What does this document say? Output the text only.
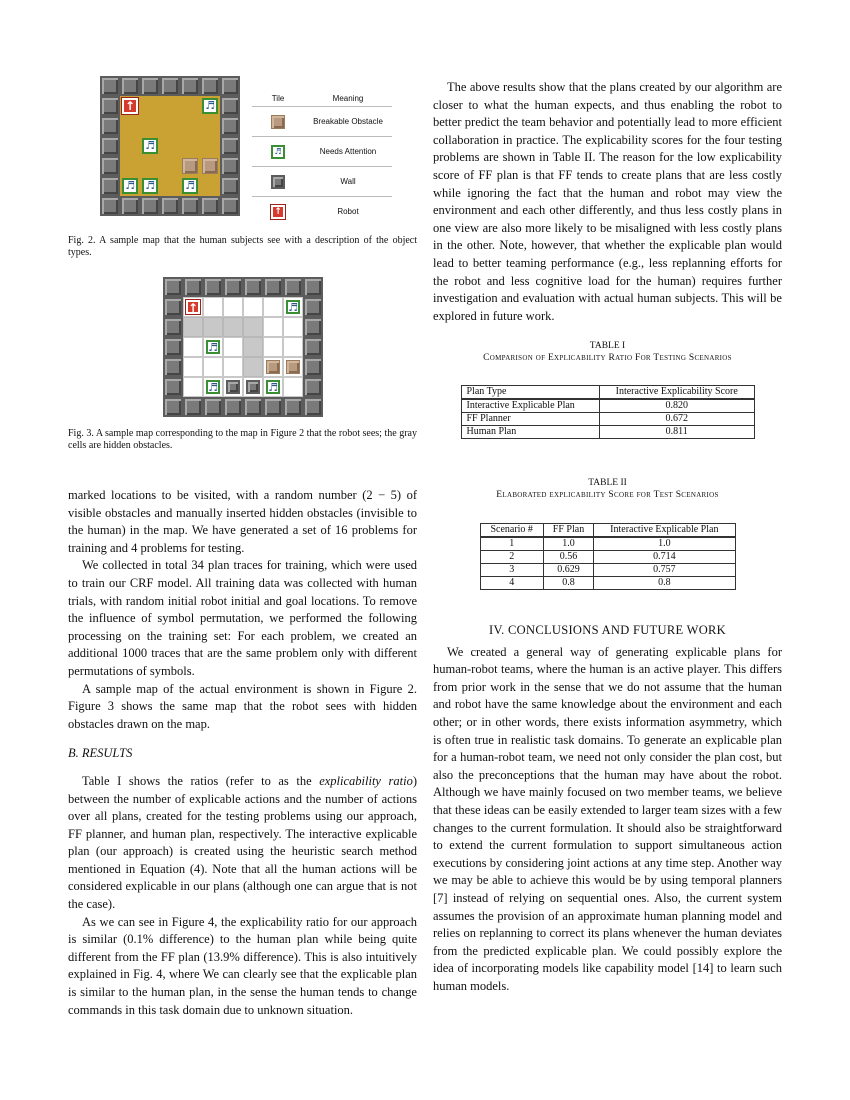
↑	♬
♬
♬	♬
♬
Tile	Meaning
	Breakable Obstacle
♬	Needs Attention
	Wall
↑	Robot

Fig. 2. A sample map that the human subjects see with a description of the object types.

↑	♬
♬
♬	♬

Fig. 3. A sample map corresponding to the map in Figure 2 that the robot sees; the gray cells are hidden obstacles.

marked locations to be visited, with a random number (2 − 5) of visible obstacles and manually inserted hidden obstacles (invisible to the human) in the map. We have generated a set of 16 problems for training and 4 problems for testing.

We collected in total 34 plan traces for training, which were used to train our CRF model. All training data was collected with human trials, with random initial robot initial and goal locations. To remove the influence of symbol permutation, we performed the following processing on the training set: For each problem, we created an additional 1000 traces that are the same problem only with different permutations of symbols.

A sample map of the actual environment is shown in Figure 2. Figure 3 shows the same map that the robot sees with hidden obstacles drawn on the map.

B. RESULTS

Table I shows the ratios (refer to as the explicability ratio) between the number of explicable actions and the number of actions over all plans, created for the testing problems using our approach, FF planner, and human plan, respectively. The interactive explicable plan (our approach) is created using the heuristic search method mentioned in Equation (4). Note that all the human actions will be considered explicable in our plans (although one can argue that is not the case).

As we can see in Figure 4, the explicability ratio for our approach is similar (0.1% difference) to the human plan while being quite different from the FF plan (13.9% difference). This is also intuitively explained in Fig. 4, where We can clearly see that the explicable plan is similar to the human plan, in the sense the human tends to change commands in this task domain due to unknown situation.

The above results show that the plans created by our algorithm are closer to what the human expects, and thus enabling the robot to better predict the team behavior and potentially lead to more efficient collaboration in practice. The explicability scores for the four testing problems are shown in Table II. The reason for the low explicability score of FF plan is that FF tends to create plans that are less costly while ignoring the fact that the human and robot may view the environment and each other differently, and thus less costly plans in one view are also more likely to be misaligned with less costly plans in the other. Note, however, that whether the explicable plan would lead to better teaming performance (e.g., less replanning efforts for the robot and less cognitive load for the human) requires further investigation and evaluation with actual human subjects. This will be explored in future work.

TABLE I
Comparison of Explicability Ratio For Testing Scenarios
Plan Type	Interactive Explicability Score
Interactive Explicable Plan	0.820
FF Planner	0.672
Human Plan	0.811
TABLE II
Elaborated explicability Score for Test Scenarios
Scenario #	FF Plan	Interactive Explicable Plan
1	1.0	1.0
2	0.56	0.714
3	0.629	0.757
4	0.8	0.8

IV. CONCLUSIONS AND FUTURE WORK

We created a general way of generating explicable plans for human-robot teams, where the human is an active player. This differs from prior work in the sense that we do not assume that the human and robot have the same knowledge about the environment and each other; or in other words, there exists information asymmetry, which is often true in realistic task domains. To generate an explicable plan for a human-robot team, we need not only consider the plan cost, but also the preconceptions that the human may have about the robot. Although we have mainly focused on two member teams, we believe that these ideas can be easily extended to larger team sizes with a few changes to the current formulation. It should also be straightforward to extend the current formulation to support simultaneous action executions by considering joint actions at any time step. Another way we may be able to achieve this would be by using temporal planners [7] instead of relying on sequential ones. Also, the current system assumes the provision of an approximate human planning model and relies on replanning to correct its plans whenever the human deviates from the predicted explicable plan. We could possibly explore the idea of incorporating models like capability model [14] to learn such human models.
